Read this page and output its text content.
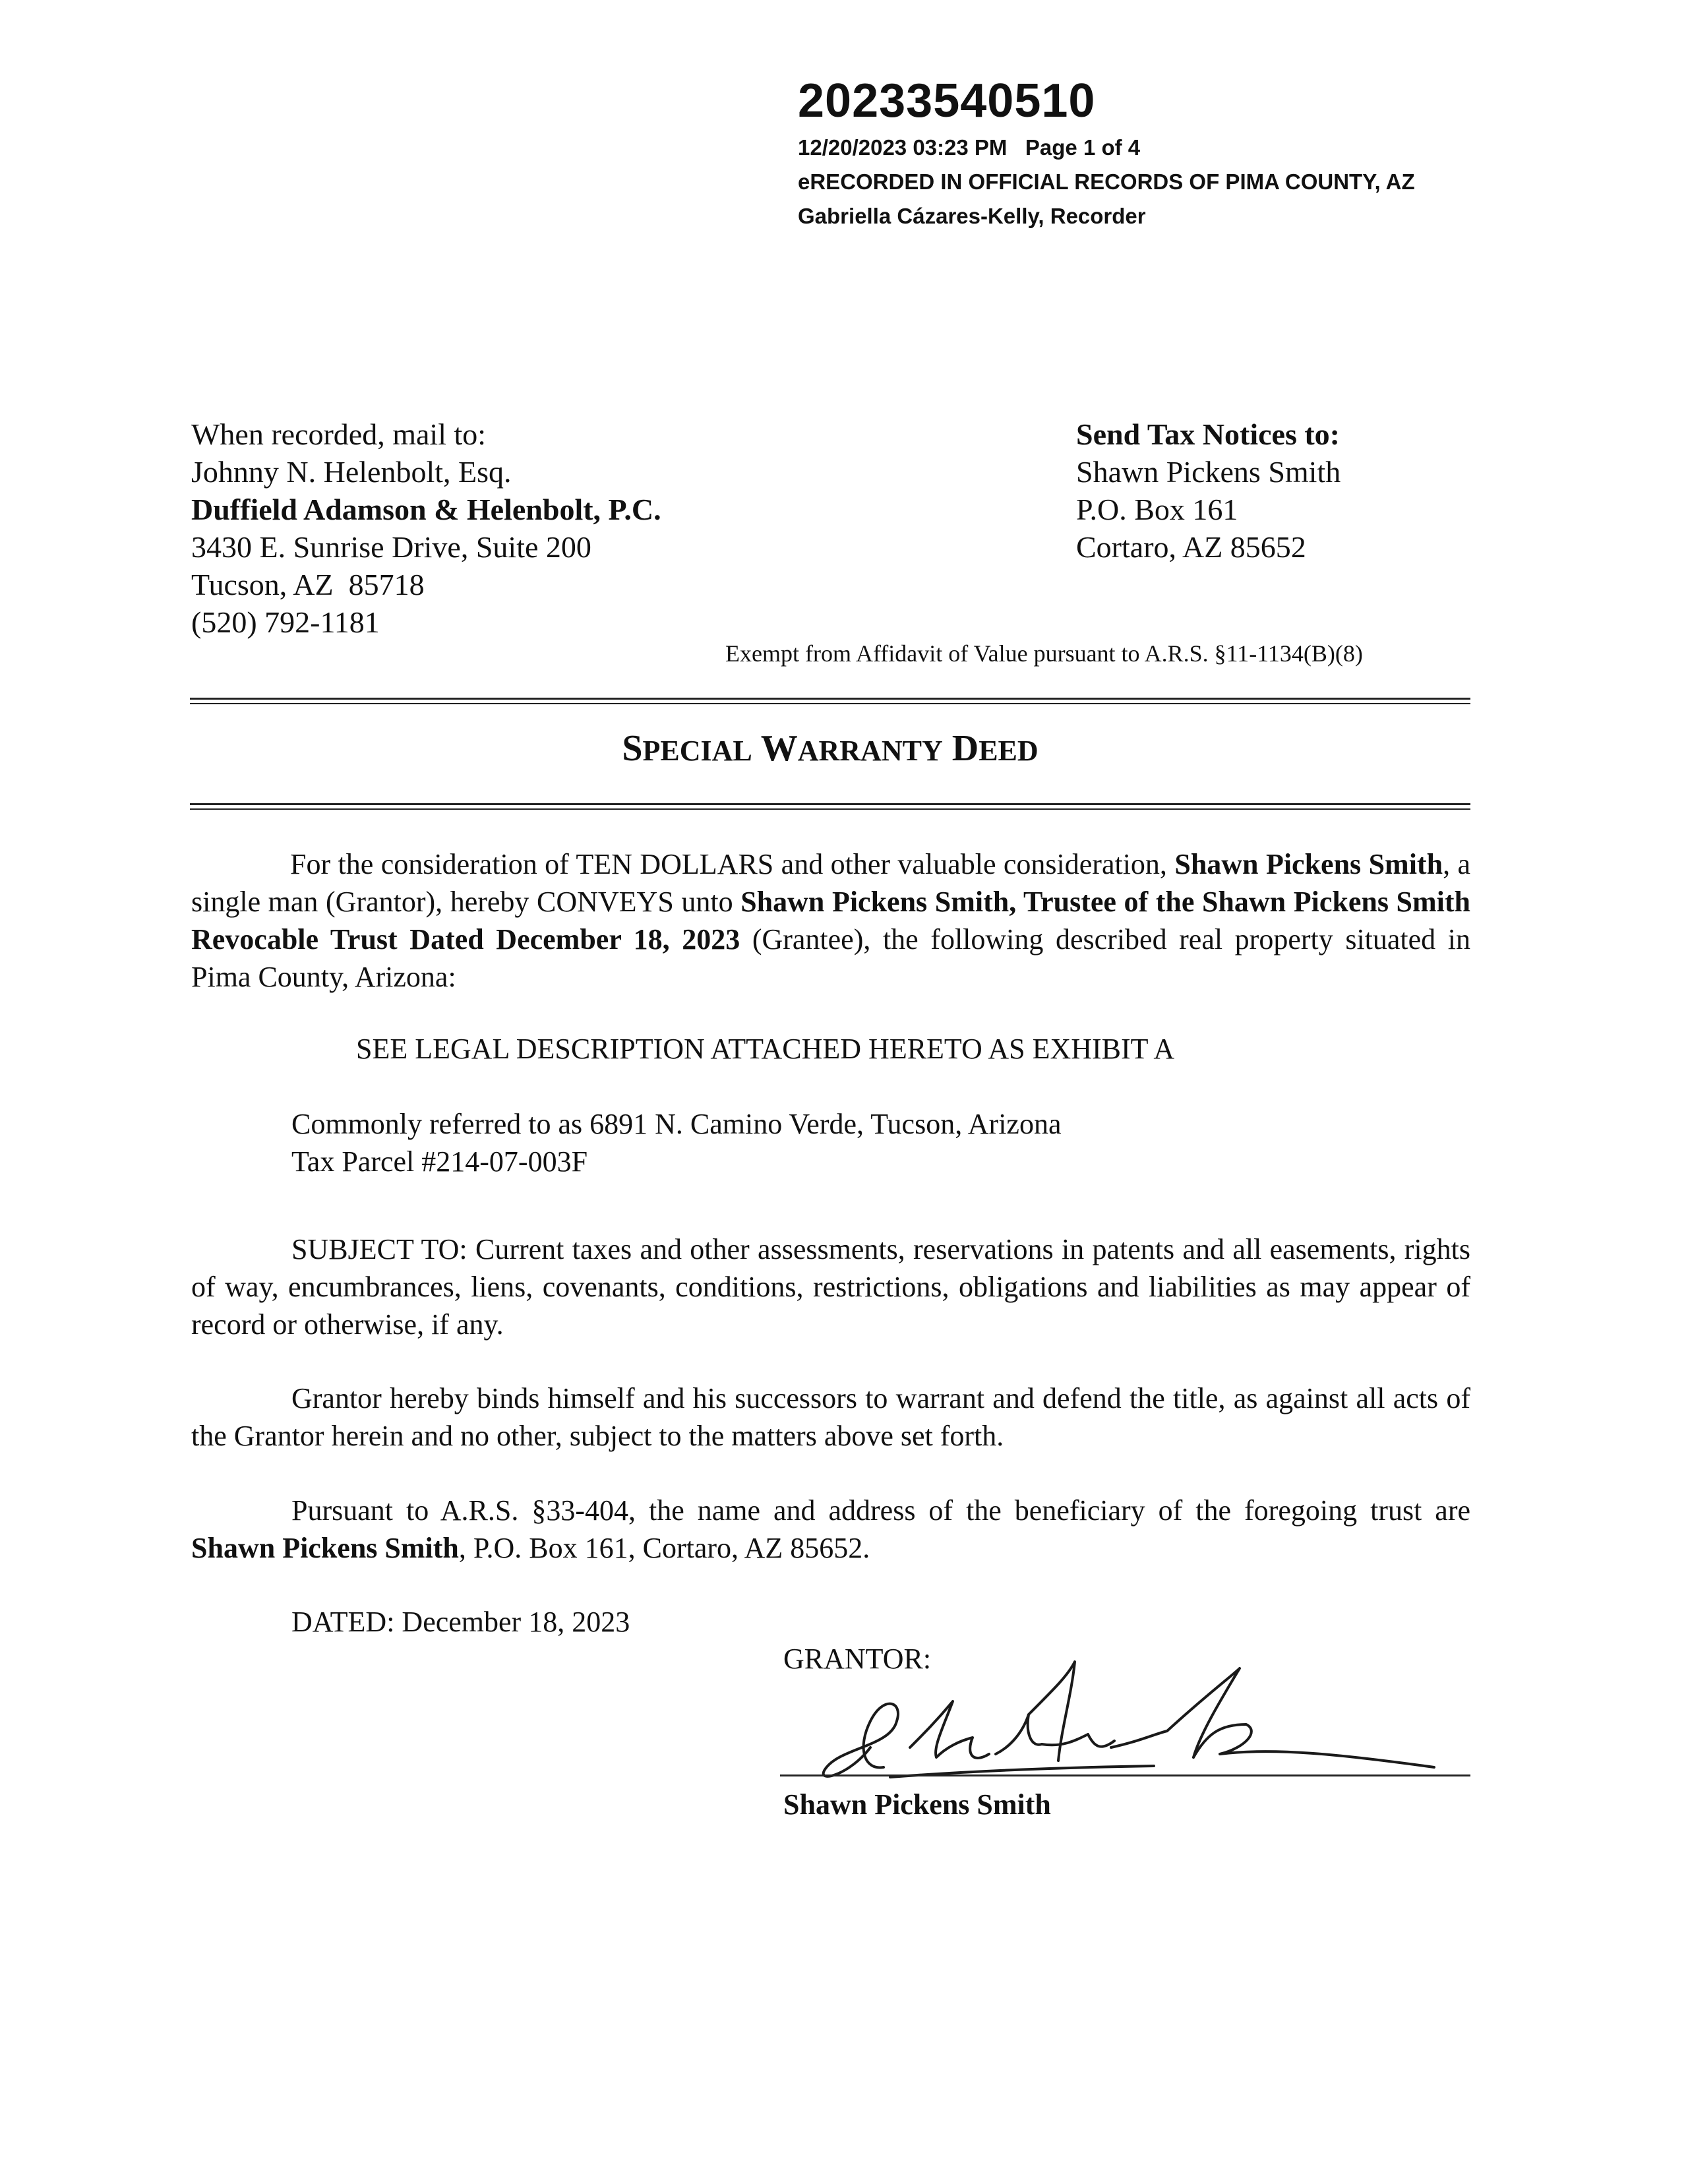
20233540510
12/20/2023 03:23 PM   Page 1 of 4
eRECORDED IN OFFICIAL RECORDS OF PIMA COUNTY, AZ
Gabriella Cázares-Kelly, Recorder
When recorded, mail to:
Johnny N. Helenbolt, Esq.
Duffield Adamson & Helenbolt, P.C.
3430 E. Sunrise Drive, Suite 200
Tucson, AZ  85718
(520) 792-1181
Send Tax Notices to:
Shawn Pickens Smith
P.O. Box 161
Cortaro, AZ 85652
Exempt from Affidavit of Value pursuant to A.R.S. §11-1134(B)(8)
SPECIAL WARRANTY DEED
For the consideration of TEN DOLLARS and other valuable consideration, Shawn Pickens Smith, a single man (Grantor), hereby CONVEYS unto Shawn Pickens Smith, Trustee of the Shawn Pickens Smith Revocable Trust Dated December 18, 2023 (Grantee), the following described real property situated in Pima County, Arizona:
SEE LEGAL DESCRIPTION ATTACHED HERETO AS EXHIBIT A
Commonly referred to as 6891 N. Camino Verde, Tucson, Arizona
Tax Parcel #214-07-003F
SUBJECT TO: Current taxes and other assessments, reservations in patents and all easements, rights of way, encumbrances, liens, covenants, conditions, restrictions, obligations and liabilities as may appear of record or otherwise, if any.
Grantor hereby binds himself and his successors to warrant and defend the title, as against all acts of the Grantor herein and no other, subject to the matters above set forth.
Pursuant to A.R.S. §33-404, the name and address of the beneficiary of the foregoing trust are Shawn Pickens Smith, P.O. Box 161, Cortaro, AZ 85652.
DATED: December 18, 2023
GRANTOR:
Shawn Pickens Smith
